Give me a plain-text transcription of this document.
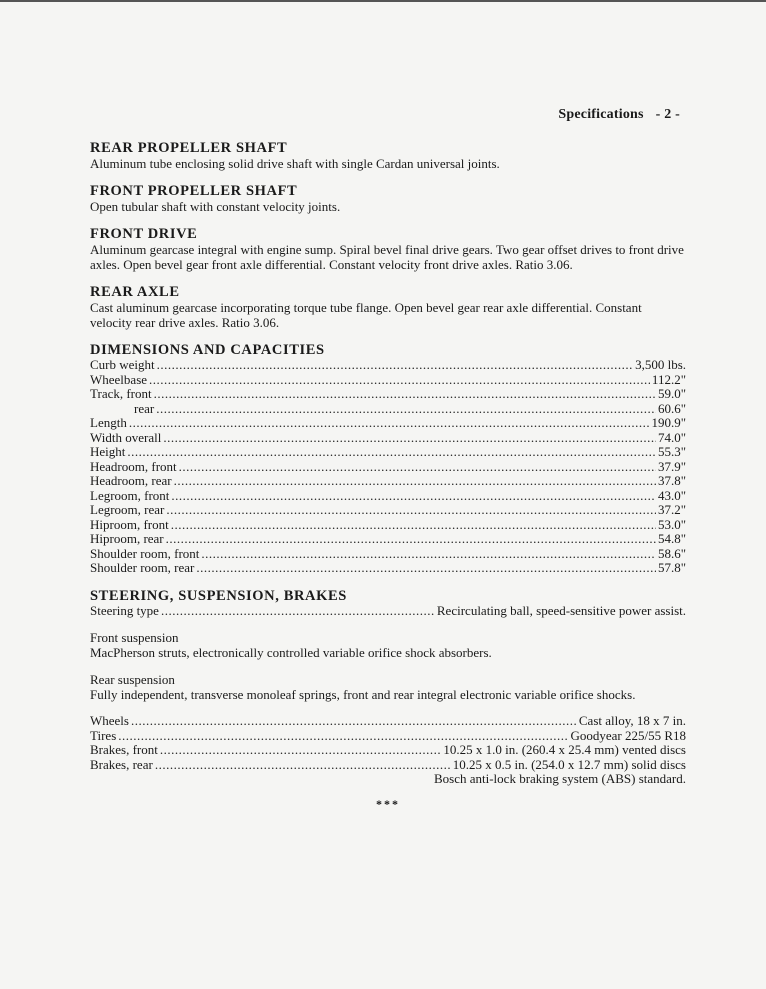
Specifications - 2 -
REAR PROPELLER SHAFT
Aluminum tube enclosing solid drive shaft with single Cardan universal joints.
FRONT PROPELLER SHAFT
Open tubular shaft with constant velocity joints.
FRONT DRIVE
Aluminum gearcase integral with engine sump. Spiral bevel final drive gears. Two gear offset drives to front drive axles. Open bevel gear front axle differential. Constant velocity front drive axles. Ratio 3.06.
REAR AXLE
Cast aluminum gearcase incorporating torque tube flange. Open bevel gear rear axle differential. Constant velocity rear drive axles. Ratio 3.06.
DIMENSIONS AND CAPACITIES
Curb weight .....	3,500 lbs.
Wheelbase .....	112.2"
Track, front .....	59.0"
rear .....	60.6"
Length .....	190.9"
Width overall .....	74.0"
Height .....	55.3"
Headroom, front .....	37.9"
Headroom, rear .....	37.8"
Legroom, front .....	43.0"
Legroom, rear .....	37.2"
Hiproom, front .....	53.0"
Hiproom, rear .....	54.8"
Shoulder room, front .....	58.6"
Shoulder room, rear .....	57.8"
STEERING, SUSPENSION, BRAKES
Steering type .....	Recirculating ball, speed-sensitive power assist.
Front suspension
MacPherson struts, electronically controlled variable orifice shock absorbers.
Rear suspension
Fully independent, transverse monoleaf springs, front and rear integral electronic variable orifice shocks.
Wheels .....	Cast alloy, 18 x 7 in.
Tires .....	Goodyear 225/55 R18
Brakes, front .....	10.25 x 1.0 in. (260.4 x 25.4 mm) vented discs
Brakes, rear .....	10.25 x 0.5 in. (254.0 x 12.7 mm) solid discs
Bosch anti-lock braking system (ABS) standard.
***
